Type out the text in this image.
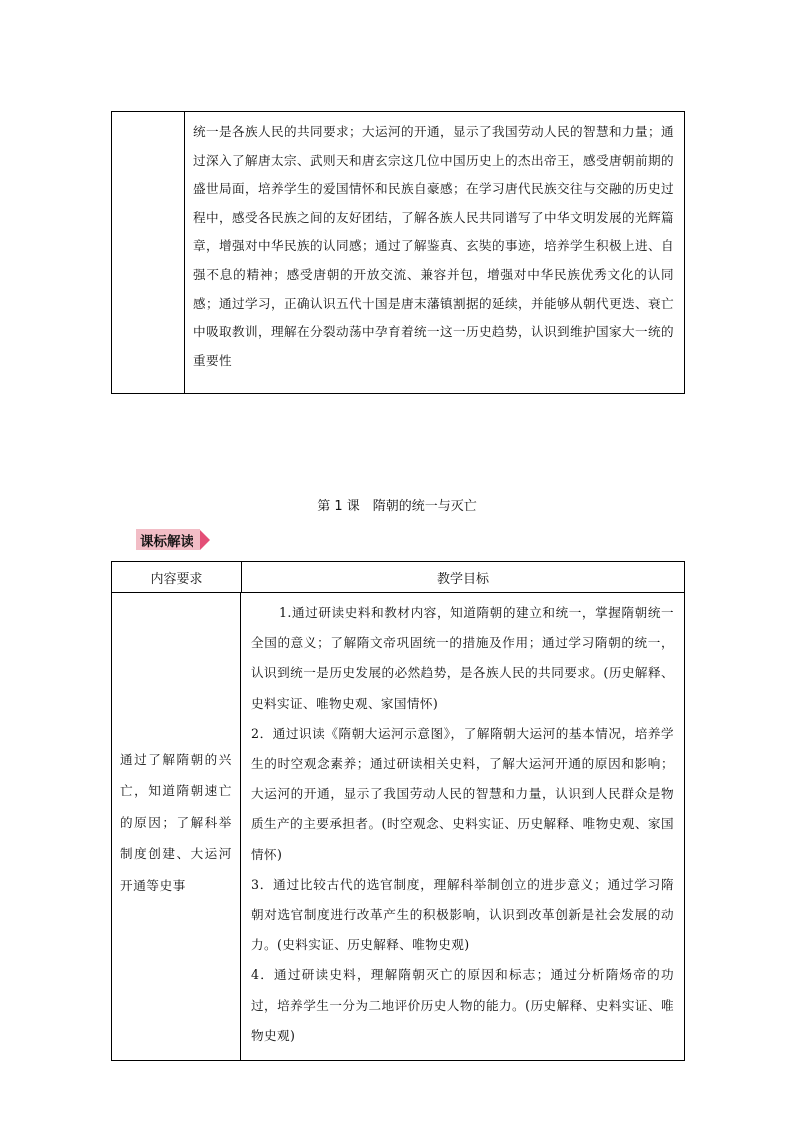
统一是各族人民的共同要求；大运河的开通，显示了我国劳动人民的智慧和力量；通过深入了解唐太宗、武则天和唐玄宗这几位中国历史上的杰出帝王，感受唐朝前期的盛世局面，培养学生的爱国情怀和民族自豪感；在学习唐代民族交往与交融的历史过程中，感受各民族之间的友好团结，了解各族人民共同谱写了中华文明发展的光辉篇章，增强对中华民族的认同感；通过了解鉴真、玄奘的事迹，培养学生积极上进、自强不息的精神；感受唐朝的开放交流、兼容并包，增强对中华民族优秀文化的认同感；通过学习，正确认识五代十国是唐末藩镇割据的延续，并能够从朝代更迭、衰亡中吸取教训，理解在分裂动荡中孕育着统一这一历史趋势，认识到维护国家大一统的重要性
第 1 课　隋朝的统一与灭亡
课标解读
内容要求	教学目标
通过了解隋朝的兴亡，知道隋朝速亡的原因；了解科举制度创建、大运河开通等史事

1.通过研读史料和教材内容，知道隋朝的建立和统一，掌握隋朝统一全国的意义；了解隋文帝巩固统一的措施及作用；通过学习隋朝的统一，认识到统一是历史发展的必然趋势，是各族人民的共同要求。(历史解释、史料实证、唯物史观、家国情怀)

2．通过识读《隋朝大运河示意图》，了解隋朝大运河的基本情况，培养学生的时空观念素养；通过研读相关史料，了解大运河开通的原因和影响；大运河的开通，显示了我国劳动人民的智慧和力量，认识到人民群众是物质生产的主要承担者。(时空观念、史料实证、历史解释、唯物史观、家国情怀)

3．通过比较古代的选官制度，理解科举制创立的进步意义；通过学习隋朝对选官制度进行改革产生的积极影响，认识到改革创新是社会发展的动力。(史料实证、历史解释、唯物史观)

4．通过研读史料，理解隋朝灭亡的原因和标志；通过分析隋炀帝的功过，培养学生一分为二地评价历史人物的能力。(历史解释、史料实证、唯物史观)
